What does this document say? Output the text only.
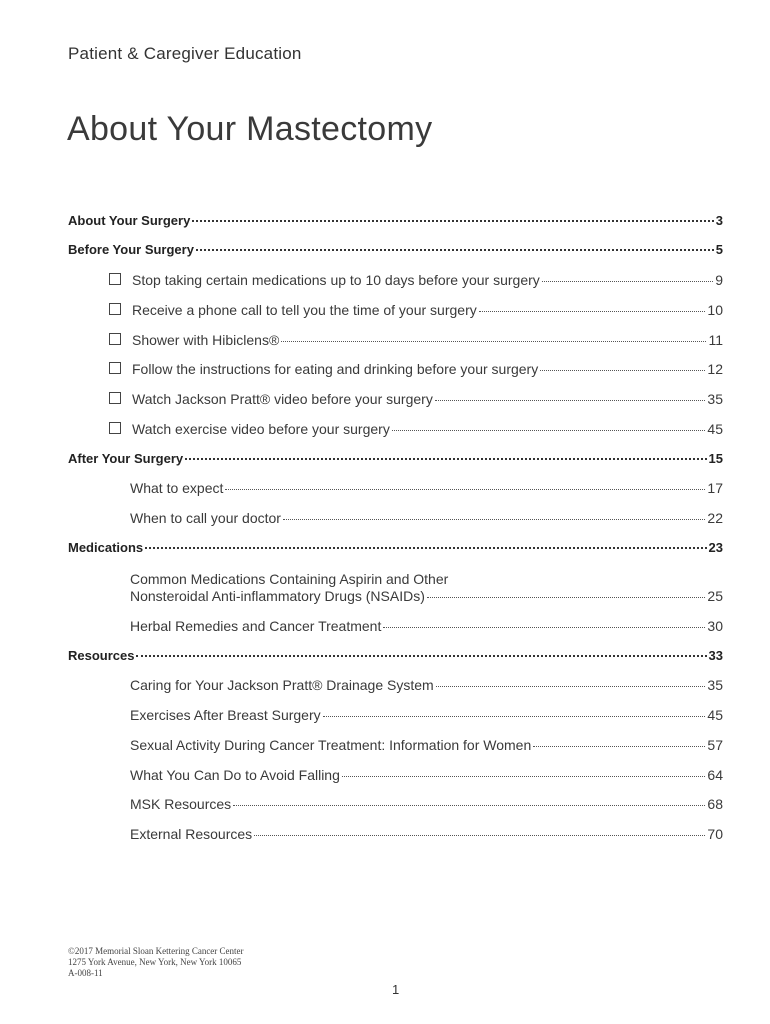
Patient & Caregiver Education
About Your Mastectomy
About Your Surgery	3
Before Your Surgery	5
Stop taking certain medications up to 10 days before your surgery	9
Receive a phone call to tell you the time of your surgery	10
Shower with Hibiclens®	11
Follow the instructions for eating and drinking before your surgery	12
Watch Jackson Pratt® video before your surgery	35
Watch exercise video before your surgery	45
After Your Surgery	15
What to expect	17
When to call your doctor	22
Medications	23
Common Medications Containing Aspirin and Other
Nonsteroidal Anti-inflammatory Drugs (NSAIDs)	25
Herbal Remedies and Cancer Treatment	30
Resources	33
Caring for Your Jackson Pratt® Drainage System	35
Exercises After Breast Surgery	45
Sexual Activity During Cancer Treatment: Information for Women	57
What You Can Do to Avoid Falling	64
MSK Resources	68
External Resources	70
©2017 Memorial Sloan Kettering Cancer Center
1275 York Avenue, New York, New York 10065
A-008-11
1
